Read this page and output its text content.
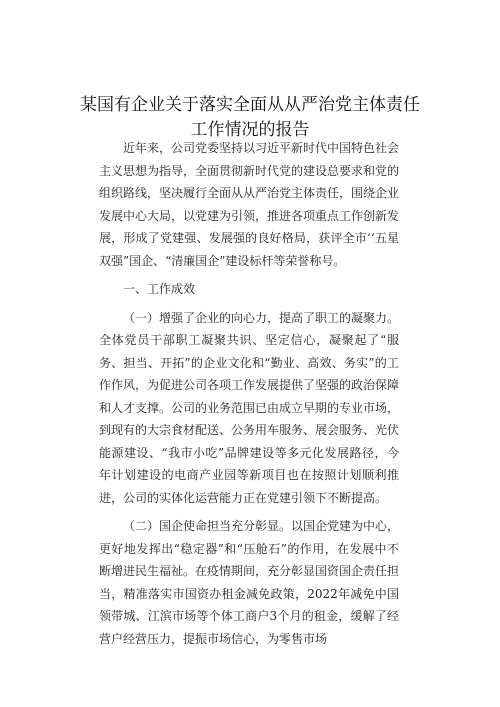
某国有企业关于落实全面从从严治党主体责任
工作情况的报告

近年来，公司党委坚持以习近平新时代中国特色社会主义思想为指导，全面贯彻新时代党的建设总要求和党的组织路线，坚决履行全面从从严治党主体责任，围绕企业发展中心大局，以党建为引领，推进各项重点工作创新发展，形成了党建强、发展强的良好格局，获评全市‘‘五星双强”国企、“清廉国企”建设标杆等荣誉称号。

一、工作成效

（一）增强了企业的向心力，提高了职工的凝聚力。全体党员干部职工凝聚共识、坚定信心，凝聚起了“服务、担当、开拓”的企业文化和“勤业、高效、务实”的工作作风，为促进公司各项工作发展提供了坚强的政治保障和人才支撑。公司的业务范围已由成立早期的专业市场，到现有的大宗食材配送、公务用车服务、展会服务、光伏能源建设、“我市小吃”品牌建设等多元化发展路径，今年计划建设的电商产业园等新项目也在按照计划顺利推进，公司的实体化运营能力正在党建引领下不断提高。

（二）国企使命担当充分彰显。以国企党建为中心，更好地发挥出“稳定器”和“压舱石”的作用，在发展中不断增进民生福祉。在疫情期间，充分彰显国资国企责任担当，精准落实市国资办租金减免政策，2022年减免中国领带城、江滨市场等个体工商户3个月的租金，缓解了经营户经营压力，提振市场信心，为零售市场
